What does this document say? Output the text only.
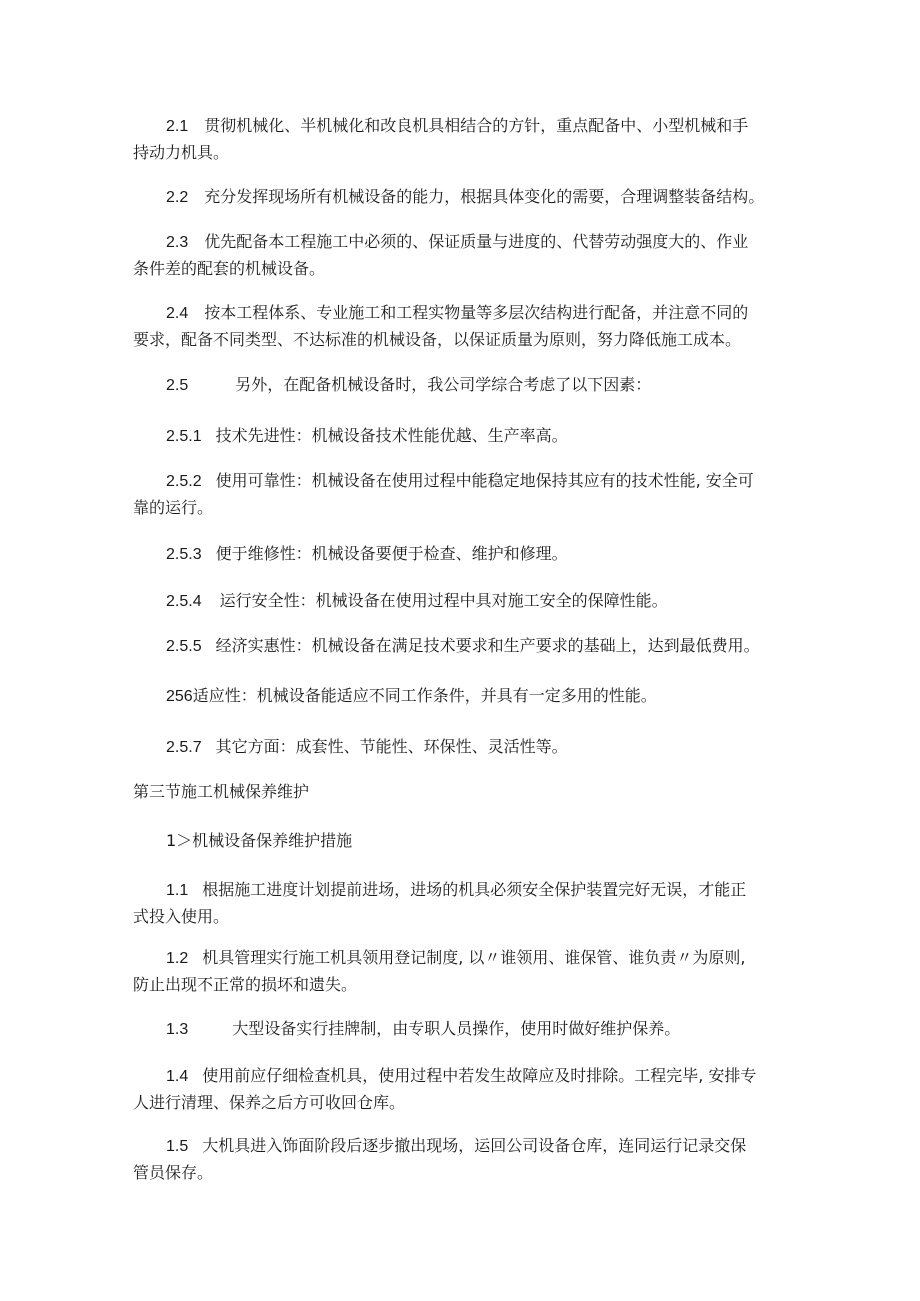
2.1 贯彻机械化、半机械化和改良机具相结合的方针，重点配备中、小型机械和手

持动力机具。

2.2 充分发挥现场所有机械设备的能力，根据具体变化的需要，合理调整装备结构。

2.3 优先配备本工程施工中必须的、保证质量与进度的、代替劳动强度大的、作业

条件差的配套的机械设备。

2.4 按本工程体系、专业施工和工程实物量等多层次结构进行配备，并注意不同的

要求，配备不同类型、不达标准的机械设备，以保证质量为原则，努力降低施工成本。

2.5	另外，在配备机械设备时，我公司学综合考虑了以下因素：

2.5.1 技术先进性：机械设备技术性能优越、生产率高。

2.5.2 使用可靠性：机械设备在使用过程中能稳定地保持其应有的技术性能, 安全可

靠的运行。

2.5.3 便于维修性：机械设备要便于检查、维护和修理。

2.5.4 运行安全性：机械设备在使用过程中具对施工安全的保障性能。

2.5.5 经济实惠性：机械设备在满足技术要求和生产要求的基础上，达到最低费用。

256适应性：机械设备能适应不同工作条件，并具有一定多用的性能。

2.5.7 其它方面：成套性、节能性、环保性、灵活性等。

第三节施工机械保养维护

1＞机械设备保养维护措施

1.1 根据施工进度计划提前进场，进场的机具必须安全保护装置完好无误，才能正

式投入使用。

1.2 机具管理实行施工机具领用登记制度, 以〃谁领用、谁保管、谁负责〃为原则,

防止出现不正常的损坏和遗失。

1.3	大型设备实行挂牌制，由专职人员操作，使用时做好维护保养。

1.4 使用前应仔细检查机具，使用过程中若发生故障应及时排除。工程完毕, 安排专

人进行清理、保养之后方可收回仓库。

1.5 大机具进入饰面阶段后逐步撤出现场，运回公司设备仓库，连同运行记录交保

管员保存。
